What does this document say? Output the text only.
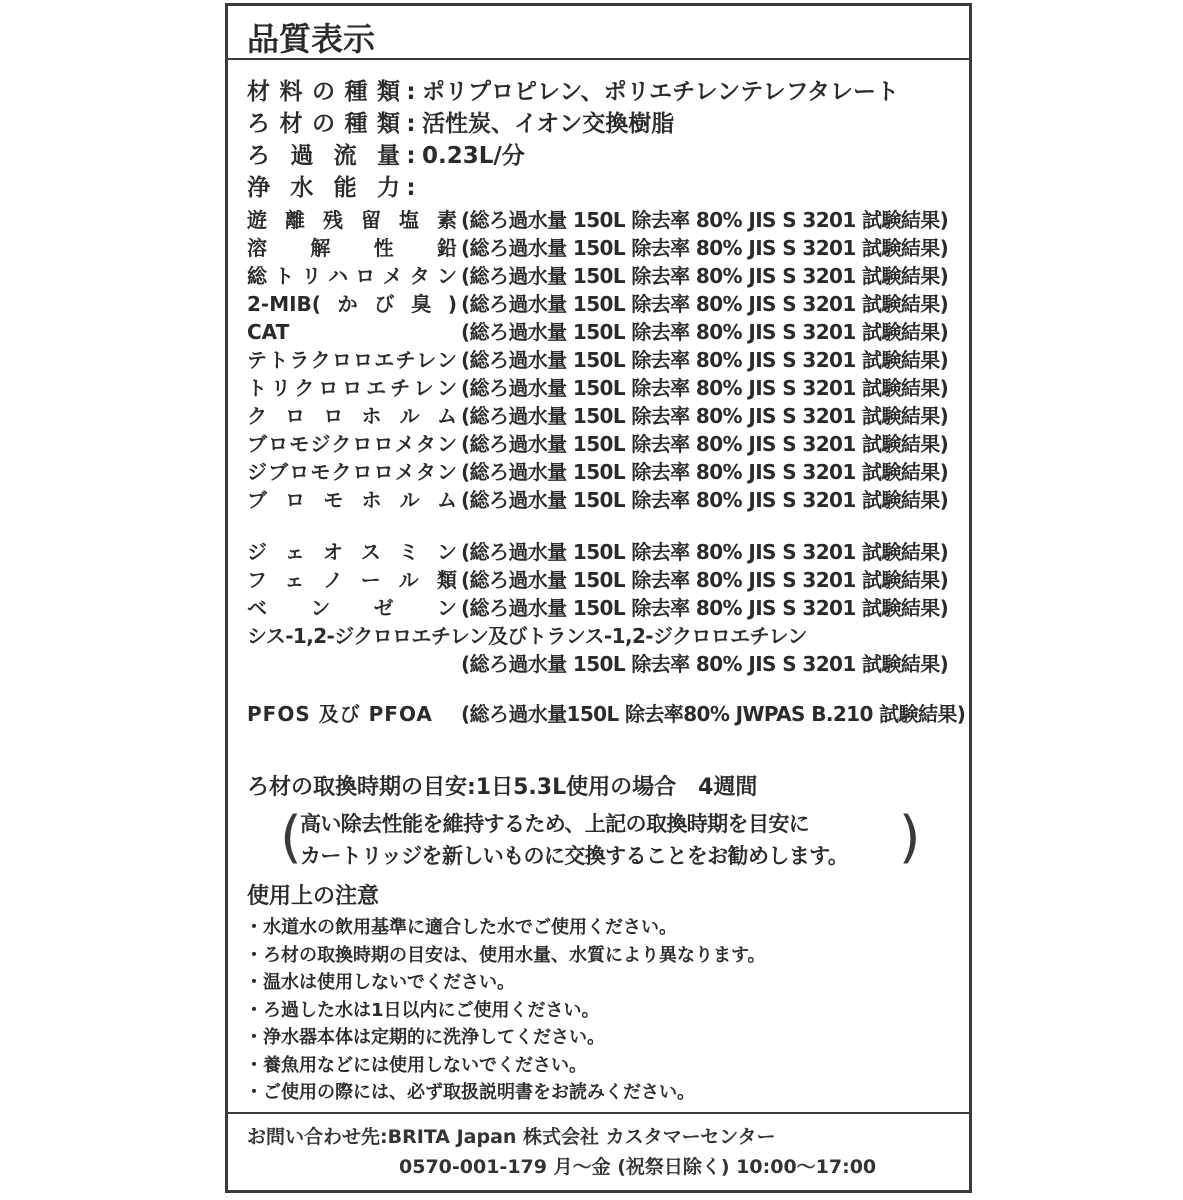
品質表示
材料の種類 : ポリプロピレン、ポリエチレンテレフタレート
ろ材の種類 : 活性炭、イオン交換樹脂
ろ過流量 : 0.23L/分
浄水能力 :
遊離残留塩素 (総ろ過水量 150L 除去率 80% JIS S 3201 試験結果)
溶解性鉛 (総ろ過水量 150L 除去率 80% JIS S 3201 試験結果)
総トリハロメタン (総ろ過水量 150L 除去率 80% JIS S 3201 試験結果)
2-MIB(かび臭) (総ろ過水量 150L 除去率 80% JIS S 3201 試験結果)
CAT	(総ろ過水量 150L 除去率 80% JIS S 3201 試験結果)
テトラクロロエチレン (総ろ過水量 150L 除去率 80% JIS S 3201 試験結果)
トリクロロエチレン (総ろ過水量 150L 除去率 80% JIS S 3201 試験結果)
クロロホルム (総ろ過水量 150L 除去率 80% JIS S 3201 試験結果)
ブロモジクロロメタン (総ろ過水量 150L 除去率 80% JIS S 3201 試験結果)
ジブロモクロロメタン (総ろ過水量 150L 除去率 80% JIS S 3201 試験結果)
ブロモホルム (総ろ過水量 150L 除去率 80% JIS S 3201 試験結果)
ジェオスミン (総ろ過水量 150L 除去率 80% JIS S 3201 試験結果)
フェノール類 (総ろ過水量 150L 除去率 80% JIS S 3201 試験結果)
ベンゼン (総ろ過水量 150L 除去率 80% JIS S 3201 試験結果)
シス-1,2-ジクロロエチレン及びトランス-1,2-ジクロロエチレン
(総ろ過水量 150L 除去率 80% JIS S 3201 試験結果)
PFOS 及び PFOA (総ろ過水量150L 除去率80% JWPAS B.210 試験結果)
ろ材の取換時期の目安:1日5.3L使用の場合　4週間
(
高い除去性能を維持するため、上記の取換時期を目安に
カートリッジを新しいものに交換することをお勧めします。 )
使用上の注意
・水道水の飲用基準に適合した水でご使用ください。
・ろ材の取換時期の目安は、使用水量、水質により異なります。
・温水は使用しないでください。
・ろ過した水は1日以内にご使用ください。
・浄水器本体は定期的に洗浄してください。
・養魚用などには使用しないでください。
・ご使用の際には、必ず取扱説明書をお読みください。
お問い合わせ先:BRITA Japan 株式会社 カスタマーセンター
0570-001-179 月〜金 (祝祭日除く) 10:00〜17:00
